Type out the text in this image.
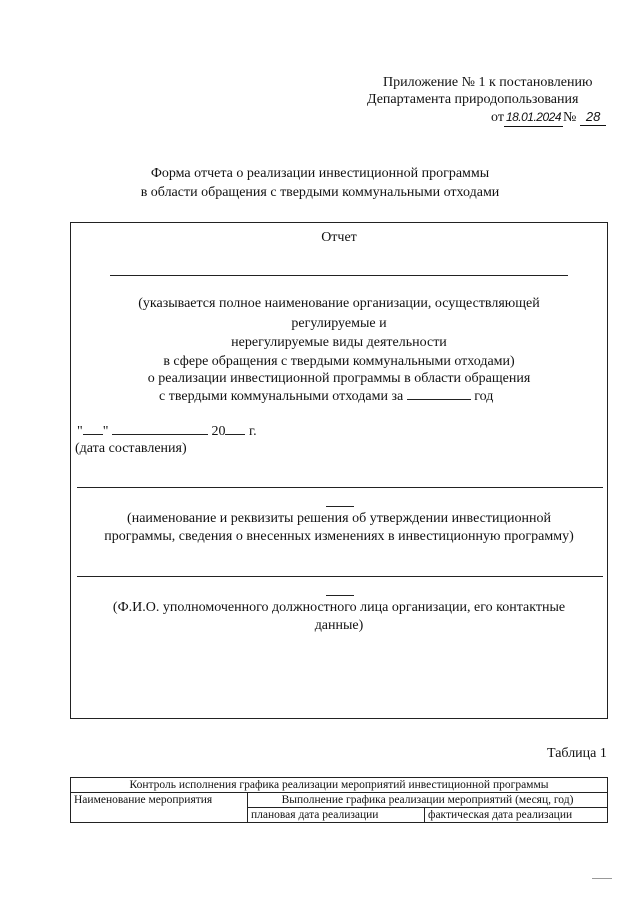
Приложение № 1 к постановлению
Департамента природопользования
от 18.01.2024 № 28
Форма отчета о реализации инвестиционной программы
в области обращения с твердыми коммунальными отходами
Отчет
(указывается полное наименование организации, осуществляющей
регулируемые и
нерегулируемые виды деятельности
в сфере обращения с твердыми коммунальными отходами)
о реализации инвестиционной программы в области обращения
с твердыми коммунальными отходами за	год
" "	20 г.
(дата составления)
(наименование и реквизиты решения об утверждении инвестиционной
программы, сведения о внесенных изменениях в инвестиционную программу)
(Ф.И.О. уполномоченного должностного лица организации, его контактные
данные)
Таблица 1
Контроль исполнения графика реализации мероприятий инвестиционной программы		
Наименование мероприятия	Выполнение графика реализации мероприятий (месяц, год)	
	плановая дата реализации	фактическая дата реализации
